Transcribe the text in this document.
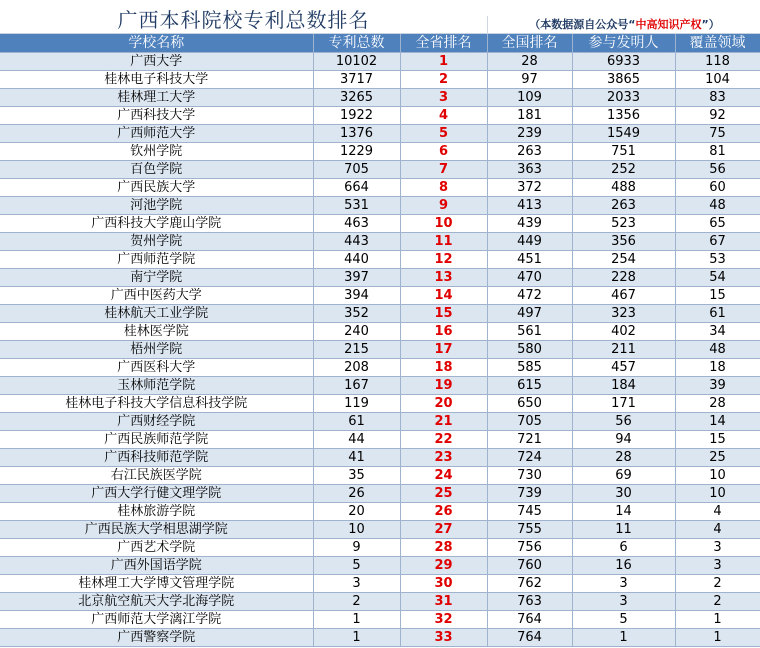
广西本科院校专利总数排名	（本数据源自公众号“中高知识产权”）
学校名称	专利总数	全省排名	全国排名	参与发明人	覆盖领域
广西大学	10102	1	28	6933	118
桂林电子科技大学	3717	2	97	3865	104
桂林理工大学	3265	3	109	2033	83
广西科技大学	1922	4	181	1356	92
广西师范大学	1376	5	239	1549	75
钦州学院	1229	6	263	751	81
百色学院	705	7	363	252	56
广西民族大学	664	8	372	488	60
河池学院	531	9	413	263	48
广西科技大学鹿山学院	463	10	439	523	65
贺州学院	443	11	449	356	67
广西师范学院	440	12	451	254	53
南宁学院	397	13	470	228	54
广西中医药大学	394	14	472	467	15
桂林航天工业学院	352	15	497	323	61
桂林医学院	240	16	561	402	34
梧州学院	215	17	580	211	48
广西医科大学	208	18	585	457	18
玉林师范学院	167	19	615	184	39
桂林电子科技大学信息科技学院	119	20	650	171	28
广西财经学院	61	21	705	56	14
广西民族师范学院	44	22	721	94	15
广西科技师范学院	41	23	724	28	25
右江民族医学院	35	24	730	69	10
广西大学行健文理学院	26	25	739	30	10
桂林旅游学院	20	26	745	14	4
广西民族大学相思湖学院	10	27	755	11	4
广西艺术学院	9	28	756	6	3
广西外国语学院	5	29	760	16	3
桂林理工大学博文管理学院	3	30	762	3	2
北京航空航天大学北海学院	2	31	763	3	2
广西师范大学漓江学院	1	32	764	5	1
广西警察学院	1	33	764	1	1
